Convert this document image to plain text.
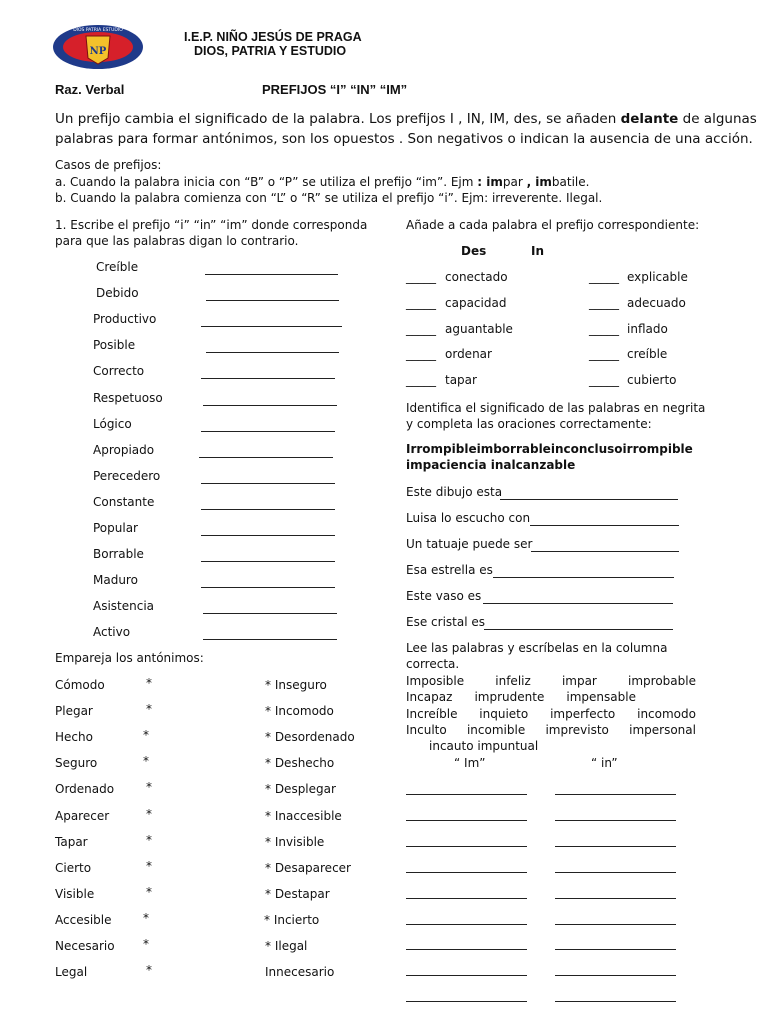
NP
DIOS PATRIA ESTUDIO	I.E.P. NIÑO JESÚS DE PRAGA
DIOS, PATRIA Y ESTUDIO
Raz. Verbal	PREFIJOS “I” “IN” “IM”
Un prefijo cambia el significado de la palabra. Los prefijos I , IN, IM, des, se añaden delante de algunas
palabras para formar antónimos, son los opuestos . Son negativos o indican la ausencia de una acción.
Casos de prefijos:
a. Cuando la palabra inicia con “B” o “P” se utiliza el prefijo “im”. Ejm : impar , imbatile.
b. Cuando la palabra comienza con “L” o “R” se utiliza el prefijo “i”. Ejm: irreverente. Ilegal.
1. Escribe el prefijo “i” “in” “im” donde corresponda
para que las palabras digan lo contrario.
Creíble
Debido
Productivo
Posible
Correcto
Respetuoso
Lógico
Apropiado
Perecedero
Constante
Popular
Borrable
Maduro
Asistencia
Activo
Empareja los antónimos:
Cómodo	*	* Inseguro
Plegar	*	* Incomodo
Hecho	*	* Desordenado
Seguro	*	* Deshecho
Ordenado	*	* Desplegar
Aparecer	*	* Inaccesible
Tapar	*	* Invisible
Cierto	*	* Desaparecer
Visible	*	* Destapar
Accesible	*	* Incierto
Necesario *	* Ilegal
Legal	*	Innecesario
Añade a cada palabra el prefijo correspondiente:
Des	In
_____ conectado	_____ explicable
_____ capacidad	_____ adecuado
_____ aguantable	_____ inflado
_____ ordenar	_____ creíble
_____ tapar	_____ cubierto
Identifica el significado de las palabras en negrita
y completa las oraciones correctamente:
Irrompible imborrable inconcluso irrompible
impaciencia inalcanzable
Este dibujo esta
Luisa lo escucho con
Un tatuaje puede ser
Esa estrella es
Este vaso es
Ese cristal es
Lee las palabras y escríbelas en la columna
correcta.
Imposible	infeliz	impar	improbable
Incapaz imprudente impensable
Increíble inquieto imperfecto incomodo
Inculto incomible imprevisto impersonal
incauto impuntual
“ Im”	“ in”
